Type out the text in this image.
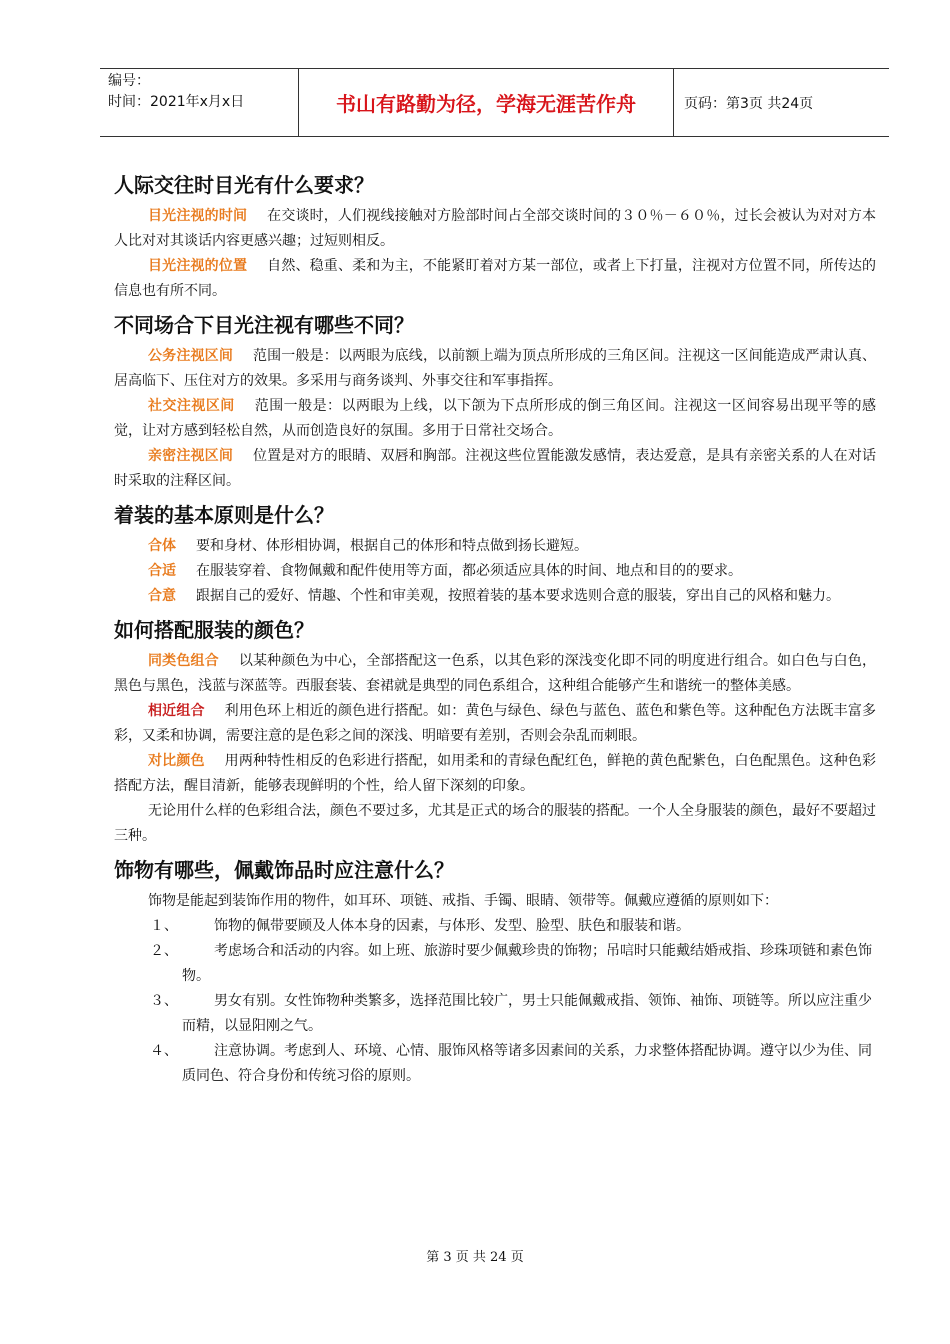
编号：
时间：2021年x月x日	书山有路勤为径，学海无涯苦作舟	页码：第3页 共24页
人际交往时目光有什么要求？

目光注视的时间 在交谈时，人们视线接触对方脸部时间占全部交谈时间的３０％－６０％，过长会被认为对对方本人比对对其谈话内容更感兴趣；过短则相反。

目光注视的位置 自然、稳重、柔和为主，不能紧盯着对方某一部位，或者上下打量，注视对方位置不同，所传达的信息也有所不同。

不同场合下目光注视有哪些不同？

公务注视区间 范围一般是：以两眼为底线，以前额上端为顶点所形成的三角区间。注视这一区间能造成严肃认真、居高临下、压住对方的效果。多采用与商务谈判、外事交往和军事指挥。

社交注视区间 范围一般是：以两眼为上线，以下颌为下点所形成的倒三角区间。注视这一区间容易出现平等的感觉，让对方感到轻松自然，从而创造良好的氛围。多用于日常社交场合。

亲密注视区间 位置是对方的眼睛、双唇和胸部。注视这些位置能激发感情，表达爱意，是具有亲密关系的人在对话时采取的注释区间。

着装的基本原则是什么？

合体 要和身材、体形相协调，根据自己的体形和特点做到扬长避短。

合适 在服装穿着、食物佩戴和配件使用等方面，都必须适应具体的时间、地点和目的的要求。

合意 跟据自己的爱好、情趣、个性和审美观，按照着装的基本要求选则合意的服装，穿出自己的风格和魅力。

如何搭配服装的颜色？

同类色组合 以某种颜色为中心，全部搭配这一色系，以其色彩的深浅变化即不同的明度进行组合。如白色与白色，黑色与黑色，浅蓝与深蓝等。西服套装、套裙就是典型的同色系组合，这种组合能够产生和谐统一的整体美感。

相近组合 利用色环上相近的颜色进行搭配。如：黄色与绿色、绿色与蓝色、蓝色和紫色等。这种配色方法既丰富多彩，又柔和协调，需要注意的是色彩之间的深浅、明暗要有差别，否则会杂乱而刺眼。

对比颜色 用两种特性相反的色彩进行搭配，如用柔和的青绿色配红色，鲜艳的黄色配紫色，白色配黑色。这种色彩搭配方法，醒目清新，能够表现鲜明的个性，给人留下深刻的印象。

无论用什么样的色彩组合法，颜色不要过多，尤其是正式的场合的服装的搭配。一个人全身服装的颜色，最好不要超过三种。

饰物有哪些，佩戴饰品时应注意什么？

饰物是能起到装饰作用的物件，如耳环、项链、戒指、手镯、眼睛、领带等。佩戴应遵循的原则如下：

１、	饰物的佩带要顾及人体本身的因素，与体形、发型、脸型、肤色和服装和谐。
２、	考虑场合和活动的内容。如上班、旅游时要少佩戴珍贵的饰物；吊唁时只能戴结婚戒指、珍珠项链和素色饰物。
３、	男女有别。女性饰物种类繁多，选择范围比较广，男士只能佩戴戒指、领饰、袖饰、项链等。所以应注重少而精，以显阳刚之气。
４、	注意协调。考虑到人、环境、心情、服饰风格等诸多因素间的关系，力求整体搭配协调。遵守以少为佳、同质同色、符合身份和传统习俗的原则。
第 3 页 共 24 页
